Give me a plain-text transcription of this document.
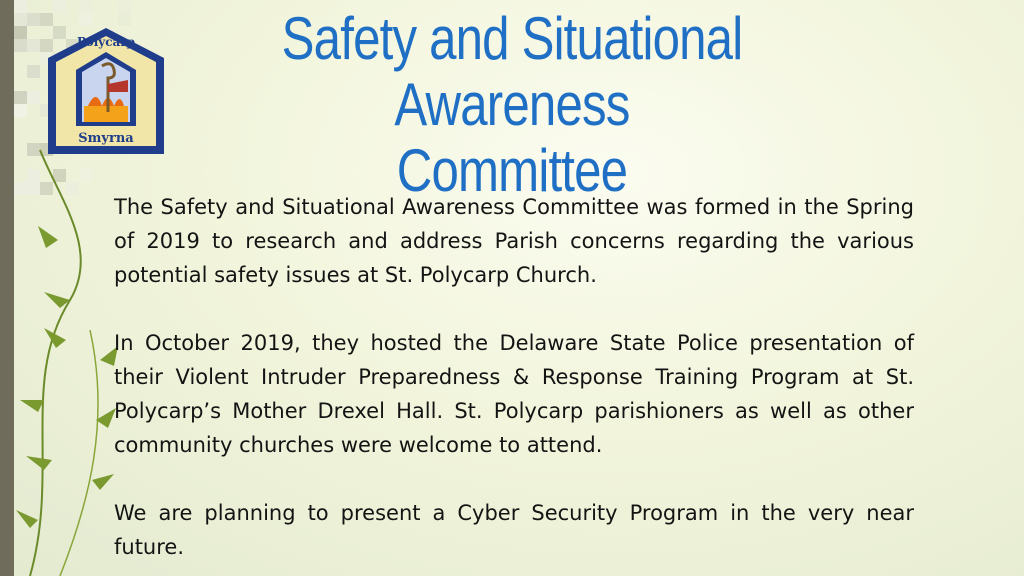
Polycarp
Smyrna
Safety and Situational Awareness
Committee

The Safety and Situational Awareness Committee was formed in the Spring of 2019 to research and address Parish concerns regarding the various potential safety issues at St. Polycarp Church.

In October 2019, they hosted the Delaware State Police presentation of their Violent Intruder Preparedness & Response Training Program at St. Polycarp’s Mother Drexel Hall. St. Polycarp parishioners as well as other community churches were welcome to attend.

We are planning to present a Cyber Security Program in the very near future.
